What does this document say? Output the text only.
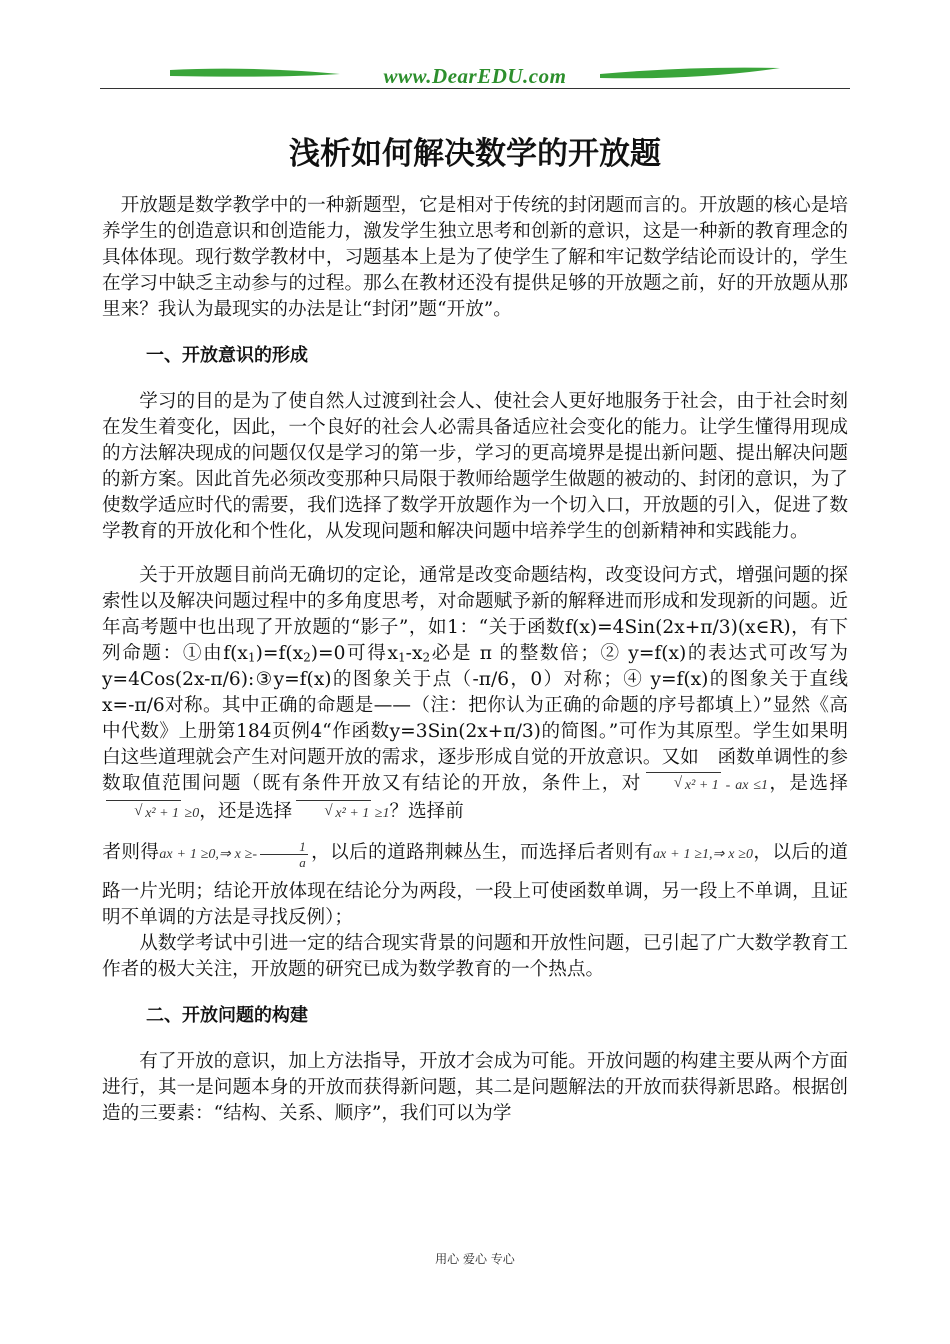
www.DearEDU.com
浅析如何解决数学的开放题

开放题是数学教学中的一种新题型，它是相对于传统的封闭题而言的。开放题的核心是培养学生的创造意识和创造能力，激发学生独立思考和创新的意识，这是一种新的教育理念的具体体现。现行数学教材中，习题基本上是为了使学生了解和牢记数学结论而设计的，学生在学习中缺乏主动参与的过程。那么在教材还没有提供足够的开放题之前，好的开放题从那里来？我认为最现实的办法是让“封闭”题“开放”。

一、开放意识的形成

学习的目的是为了使自然人过渡到社会人、使社会人更好地服务于社会，由于社会时刻在发生着变化，因此，一个良好的社会人必需具备适应社会变化的能力。让学生懂得用现成的方法解决现成的问题仅仅是学习的第一步，学习的更高境界是提出新问题、提出解决问题的新方案。因此首先必须改变那种只局限于教师给题学生做题的被动的、封闭的意识，为了使数学适应时代的需要，我们选择了数学开放题作为一个切入口，开放题的引入，促进了数学教育的开放化和个性化，从发现问题和解决问题中培养学生的创新精神和实践能力。

关于开放题目前尚无确切的定论，通常是改变命题结构，改变设问方式，增强问题的探索性以及解决问题过程中的多角度思考，对命题赋予新的解释进而形成和发现新的问题。近年高考题中也出现了开放题的“影子”，如1：“关于函数f(x)=4Sin(2x+π/3)(x∈R)，有下列命题：①由$f(x_1)=f(x_2)=0$可得$x_1-x_2$必是 π 的整数倍；② y=f(x)的表达式可改写为 y=4Cos(2x-π/6):③y=f(x)的图象关于点（-π/6，0）对称；④ y=f(x)的图象关于直线 x=-π/6对称。其中正确的命题是——（注：把你认为正确的命题的序号都填上）”显然《高中代数》上册第184页例4“作函数y=3Sin(2x+π/3)的简图。”可作为其原型。学生如果明白这些道理就会产生对问题开放的需求，逐步形成自觉的开放意识。又如　函数单调性的参数取值范围问题（既有条件开放又有结论的开放，条件上，对	√ x² + 1 - ax ≤1，是选择√ x² + 1 ≥0，还是选择	√ x² + 1 ≥1？选择前
者则得ax + 1 ≥0,⇒ $x \ge- \frac{1}{a}$ ，以后的道路荆棘丛生，而选择后者则有ax + 1 ≥1,⇒ x ≥0，以后的道路一片光明；结论开放体现在结论分为两段，一段上可使函数单调，另一段上不单调，且证明不单调的方法是寻找反例）；

从数学考试中引进一定的结合现实背景的问题和开放性问题，已引起了广大数学教育工作者的极大关注，开放题的研究已成为数学教育的一个热点。

二、开放问题的构建

有了开放的意识，加上方法指导，开放才会成为可能。开放问题的构建主要从两个方面进行，其一是问题本身的开放而获得新问题，其二是问题解法的开放而获得新思路。根据创造的三要素：“结构、关系、顺序”，我们可以为学

用心 爱心 专心
